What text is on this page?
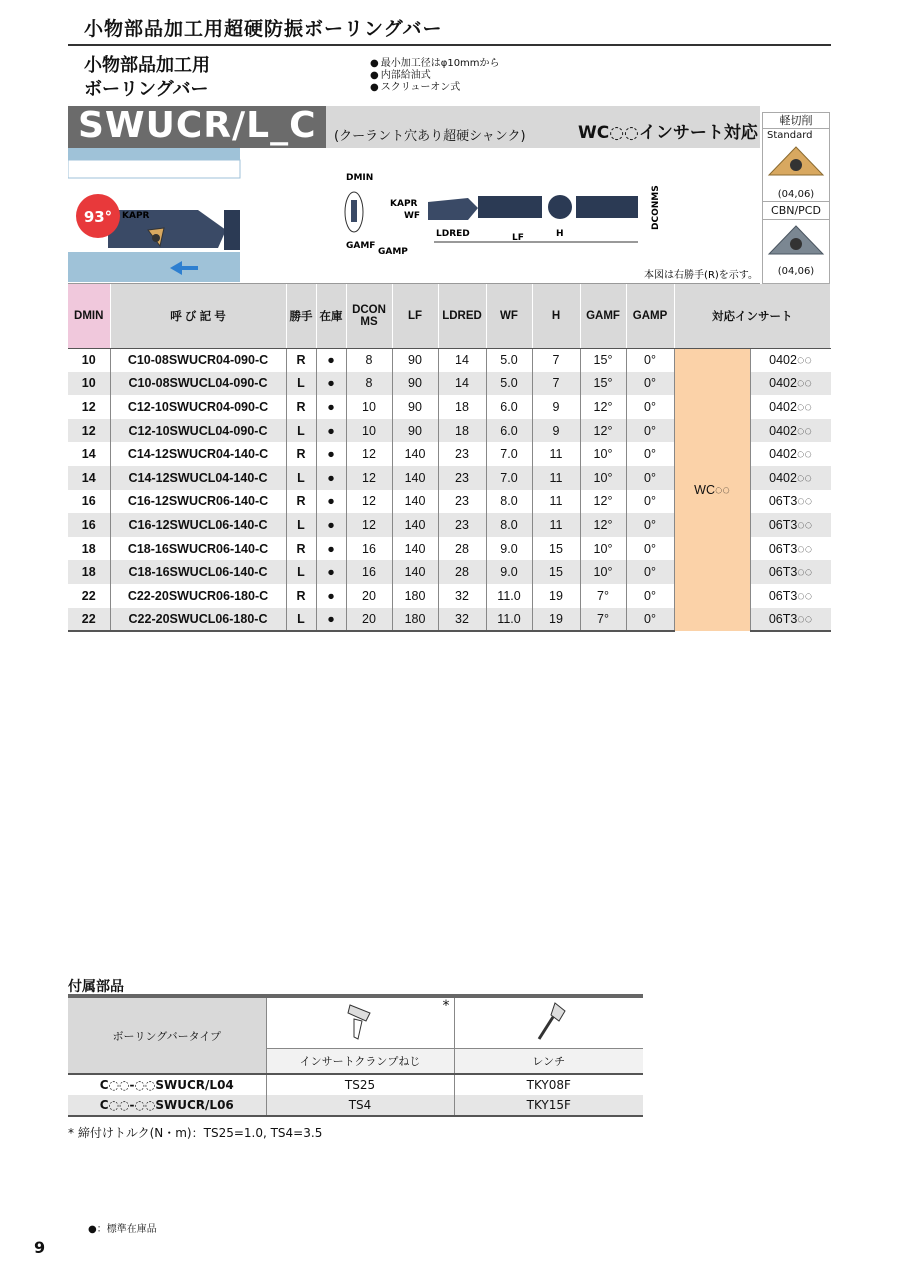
小物部品加工用超硬防振ボーリングバー
小物部品加工用
ボーリングバー
● 最小加工径はφ10mmから
● 内部給油式
● スクリューオン式
SWUCR/L_C	(クーラント穴あり超硬シャンク)	WC◌◌インサート対応
93° KAPR
DMIN
GAMF
KAPR
WF
LDRED	LF	H
GAMP
DCONMS
本図は右勝手(R)を示す。
軽切削
Standard
(04,06)
CBN/PCD
(04,06)
DMIN	呼 び 記 号	勝手	在庫	DCON MS	LF	LDRED	WF	H	GAMF	GAMP	対応インサート	
10	C10-08SWUCR04-090-C	R	●	8	90	14	5.0	7	15°	0°	WC◌◌	0402◌◌
10	C10-08SWUCL04-090-C	L	●	8	90	14	5.0	7	15°	0°		0402◌◌
12	C12-10SWUCR04-090-C	R	●	10	90	18	6.0	9	12°	0°		0402◌◌
12	C12-10SWUCL04-090-C	L	●	10	90	18	6.0	9	12°	0°		0402◌◌
14	C14-12SWUCR04-140-C	R	●	12	140	23	7.0	11	10°	0°		0402◌◌
14	C14-12SWUCL04-140-C	L	●	12	140	23	7.0	11	10°	0°		0402◌◌
16	C16-12SWUCR06-140-C	R	●	12	140	23	8.0	11	12°	0°		06T3◌◌
16	C16-12SWUCL06-140-C	L	●	12	140	23	8.0	11	12°	0°		06T3◌◌
18	C18-16SWUCR06-140-C	R	●	16	140	28	9.0	15	10°	0°		06T3◌◌
18	C18-16SWUCL06-140-C	L	●	16	140	28	9.0	15	10°	0°		06T3◌◌
22	C22-20SWUCR06-180-C	R	●	20	180	32	11.0	19	7°	0°		06T3◌◌
22	C22-20SWUCL06-180-C	L	●	20	180	32	11.0	19	7°	0°		06T3◌◌
付属部品
ボーリングバータイプ	*

	インサートクランプねじ	レンチ
C◌◌-◌◌SWUCR/L04	TS25	TKY08F
C◌◌-◌◌SWUCR/L06	TS4	TKY15F
* 締付けトルク(N・m)：TS25=1.0, TS4=3.5
●：標準在庫品
9
